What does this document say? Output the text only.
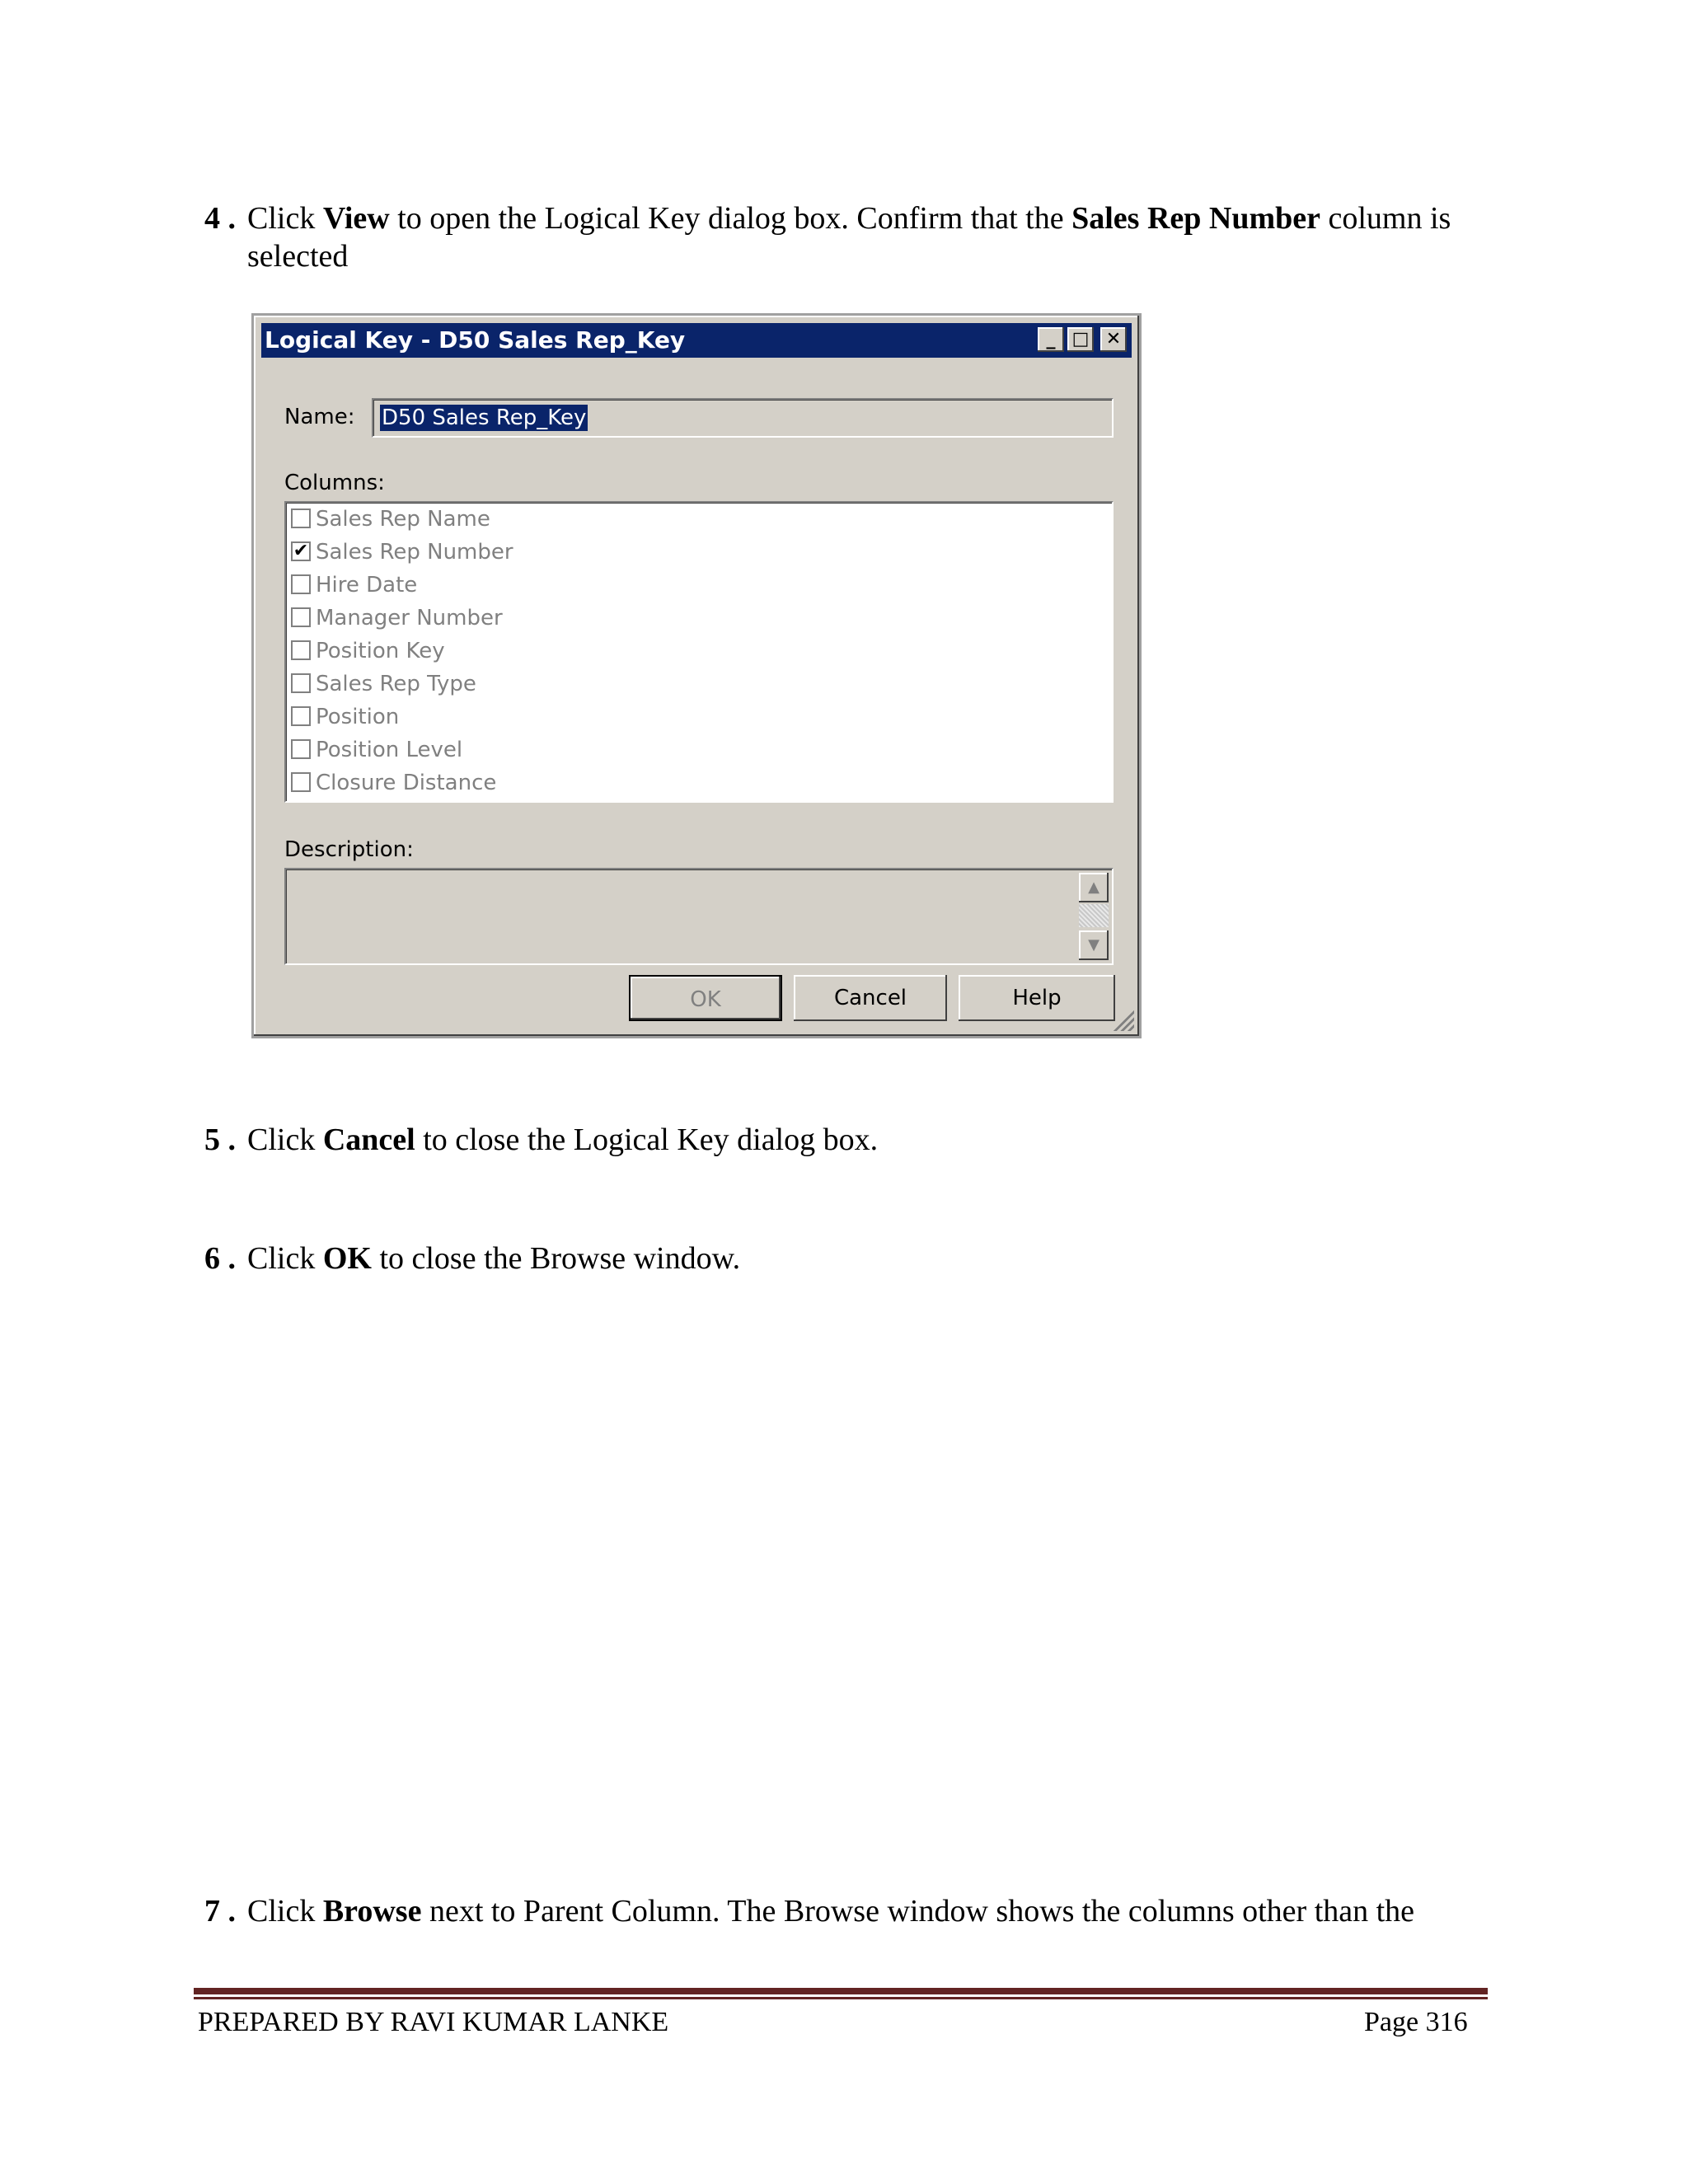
4 . Click View to open the Logical Key dialog box. Confirm that the Sales Rep Number column is
selected
Logical Key - D50 Sales Rep_Key	_ □ ✕
Name: D50 Sales Rep_Key
Columns:
Sales Rep Name
✔ Sales Rep Number
Hire Date
Manager Number
Position Key
Sales Rep Type
Position
Position Level
Closure Distance
Description:
▲
▼
OK	Cancel	Help
5 . Click Cancel to close the Logical Key dialog box.
6 . Click OK to close the Browse window.
7 . Click Browse next to Parent Column. The Browse window shows the columns other than the
PREPARED BY RAVI KUMAR LANKE	Page 316
